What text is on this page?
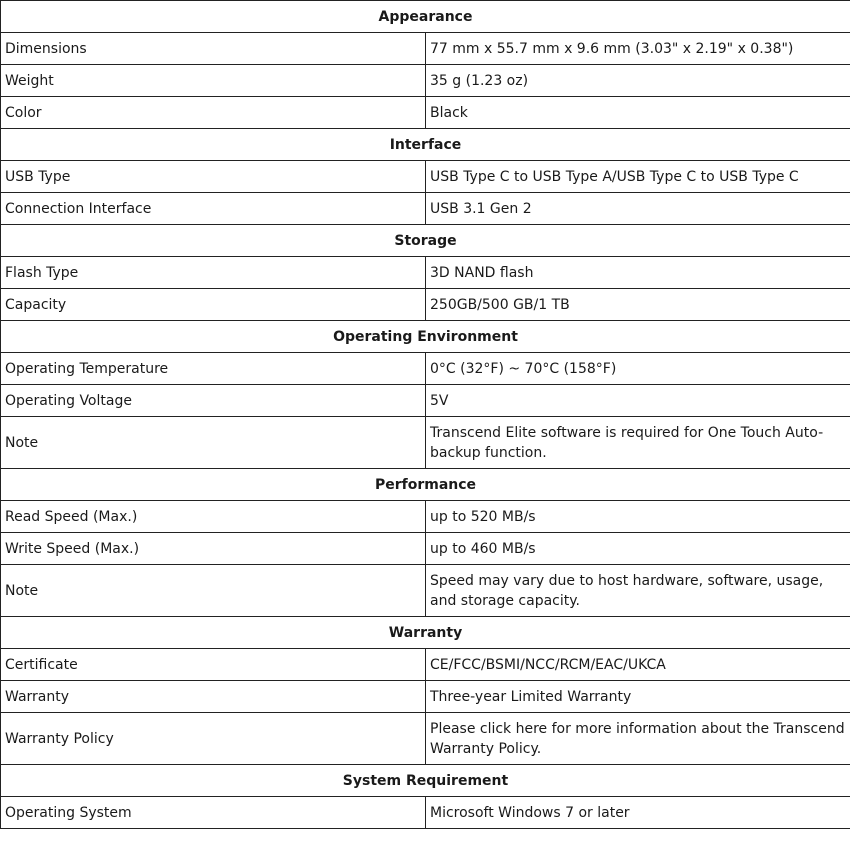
Appearance	
Dimensions	77 mm x 55.7 mm x 9.6 mm (3.03" x 2.19" x 0.38")
Weight	35 g (1.23 oz)
Color	Black
Interface	
USB Type	USB Type C to USB Type A/USB Type C to USB Type C
Connection Interface	USB 3.1 Gen 2
Storage	
Flash Type	3D NAND flash
Capacity	250GB/500 GB/1 TB
Operating Environment	
Operating Temperature	0°C (32°F) ~ 70°C (158°F)
Operating Voltage	5V
Note	Transcend Elite software is required for One Touch Auto-backup function.
Performance	
Read Speed (Max.)	up to 520 MB/s
Write Speed (Max.)	up to 460 MB/s
Note	Speed may vary due to host hardware, software, usage, and storage capacity.
Warranty	
Certificate	CE/FCC/BSMI/NCC/RCM/EAC/UKCA
Warranty	Three-year Limited Warranty
Warranty Policy	Please click here for more information about the Transcend Warranty Policy.
System Requirement	
Operating System	Microsoft Windows 7 or later
